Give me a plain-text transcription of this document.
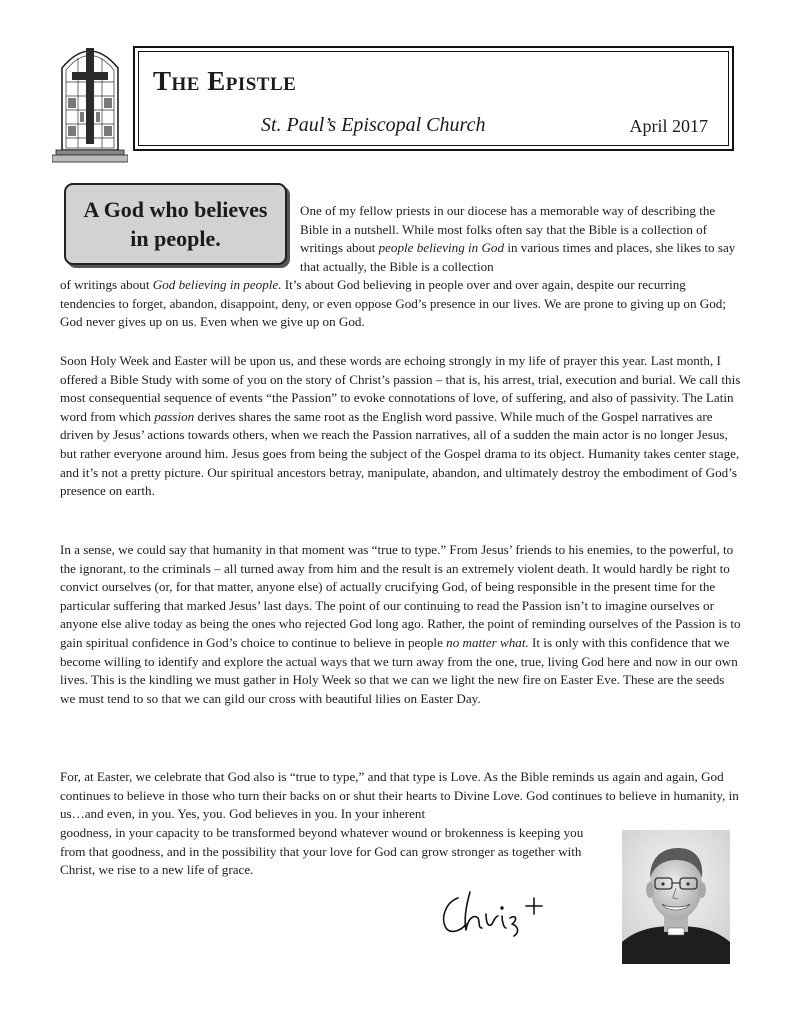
The Epistle
St. Paul’s Episcopal Church	April 2017
A God who believes in people.
One of my fellow priests in our diocese has a memorable way of describing the Bible in a nutshell. While most folks often say that the Bible is a collection of writings about people believing in God in various times and places, she likes to say that actually, the Bible is a collection
of writings about God believing in people. It’s about God believing in people over and over again, despite our recurring tendencies to forget, abandon, disappoint, deny, or even oppose God’s presence in our lives. We are prone to giving up on God; God never gives up on us. Even when we give up on God.
Soon Holy Week and Easter will be upon us, and these words are echoing strongly in my life of prayer this year. Last month, I offered a Bible Study with some of you on the story of Christ’s passion – that is, his arrest, trial, execution and burial. We call this most consequential sequence of events “the Passion” to evoke connotations of love, of suffering, and also of passivity. The Latin word from which passion derives shares the same root as the English word passive. While much of the Gospel narratives are driven by Jesus’ actions towards others, when we reach the Passion narratives, all of a sudden the main actor is no longer Jesus, but rather everyone around him. Jesus goes from being the subject of the Gospel drama to its object. Humanity takes center stage, and it’s not a pretty picture. Our spiritual ancestors betray, manipulate, abandon, and ultimately destroy the embodiment of God’s presence on earth.
In a sense, we could say that humanity in that moment was “true to type.” From Jesus’ friends to his enemies, to the powerful, to the ignorant, to the criminals – all turned away from him and the result is an extremely violent death. It would hardly be right to convict ourselves (or, for that matter, anyone else) of actually crucifying God, of being responsible in the present time for the particular suffering that marked Jesus’ last days. The point of our continuing to read the Passion isn’t to imagine ourselves or anyone else alive today as being the ones who rejected God long ago. Rather, the point of reminding ourselves of the Passion is to gain spiritual confidence in God’s choice to continue to believe in people no matter what. It is only with this confidence that we become willing to identify and explore the actual ways that we turn away from the one, true, living God here and now in our own lives. This is the kindling we must gather in Holy Week so that we can we light the new fire on Easter Eve. These are the seeds we must tend to so that we can gild our cross with beautiful lilies on Easter Day.
For, at Easter, we celebrate that God also is “true to type,” and that type is Love. As the Bible reminds us again and again, God continues to believe in those who turn their backs on or shut their hearts to Divine Love. God continues to believe in humanity, in us…and even, in you. Yes, you. God believes in you. In your inherent
goodness, in your capacity to be transformed beyond whatever wound or brokenness is keeping you from that goodness, and in the possibility that your love for God can grow stronger as together with Christ, we rise to a new life of grace.
